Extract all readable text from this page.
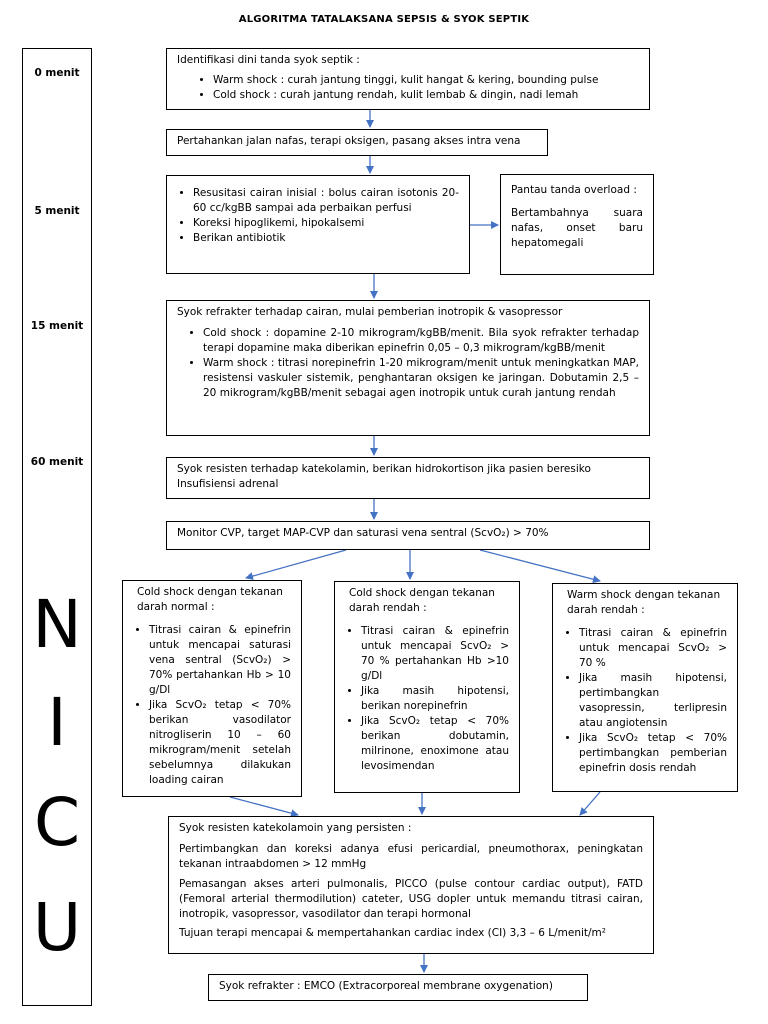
ALGORITMA TATALAKSANA SEPSIS & SYOK SEPTIK
0 menit
5 menit
15 menit
60 menit
N
I
C
U

Identifikasi dini tanda syok septik :

• Warm shock : curah jantung tinggi, kulit hangat & kering, bounding pulse
• Cold shock : curah jantung rendah, kulit lembab & dingin, nadi lemah

Pertahankan jalan nafas, terapi oksigen, pasang akses intra vena

• Resusitasi cairan inisial : bolus cairan isotonis 20-60 cc/kgBB sampai ada perbaikan perfusi
• Koreksi hipoglikemi, hipokalsemi
• Berikan antibiotik

Pantau tanda overload :

Bertambahnya suara nafas, onset baru hepatomegali

Syok refrakter terhadap cairan, mulai pemberian inotropik & vasopressor

• Cold shock : dopamine 2-10 mikrogram/kgBB/menit. Bila syok refrakter terhadap terapi dopamine maka diberikan epinefrin 0,05 – 0,3 mikrogram/kgBB/menit
• Warm shock : titrasi norepinefrin 1-20 mikrogram/menit untuk meningkatkan MAP, resistensi vaskuler sistemik, penghantaran oksigen ke jaringan. Dobutamin 2,5 – 20 mikrogram/kgBB/menit sebagai agen inotropik untuk curah jantung rendah

Syok resisten terhadap katekolamin, berikan hidrokortison jika pasien beresiko Insufisiensi adrenal

Monitor CVP, target MAP-CVP dan saturasi vena sentral (ScvO₂) > 70%

Cold shock dengan tekanan darah normal :

• Titrasi cairan & epinefrin untuk mencapai saturasi vena sentral (ScvO₂) > 70% pertahankan Hb > 10 g/Dl
• Jika ScvO₂ tetap < 70% berikan vasodilator nitrogliserin 10 – 60 mikrogram/menit setelah sebelumnya dilakukan loading cairan

Cold shock dengan tekanan darah rendah :

• Titrasi cairan & epinefrin untuk mencapai ScvO₂ > 70 % pertahankan Hb >10 g/Dl
• Jika masih hipotensi, berikan norepinefrin
• Jika ScvO₂ tetap < 70% berikan dobutamin, milrinone, enoximone atau levosimendan

Warm shock dengan tekanan darah rendah :

• Titrasi cairan & epinefrin untuk mencapai ScvO₂ > 70 %
• Jika masih hipotensi, pertimbangkan vasopressin, terlipresin atau angiotensin
• Jika ScvO₂ tetap < 70% pertimbangkan pemberian epinefrin dosis rendah

Syok resisten katekolamoin yang persisten :

Pertimbangkan dan koreksi adanya efusi pericardial, pneumothorax, peningkatan tekanan intraabdomen > 12 mmHg

Pemasangan akses arteri pulmonalis, PICCO (pulse contour cardiac output), FATD (Femoral arterial thermodilution) cateter, USG dopler untuk memandu titrasi cairan, inotropik, vasopressor, vasodilator dan terapi hormonal

Tujuan terapi mencapai & mempertahankan cardiac index (CI) 3,3 – 6 L/menit/m²

Syok refrakter : EMCO (Extracorporeal membrane oxygenation)
